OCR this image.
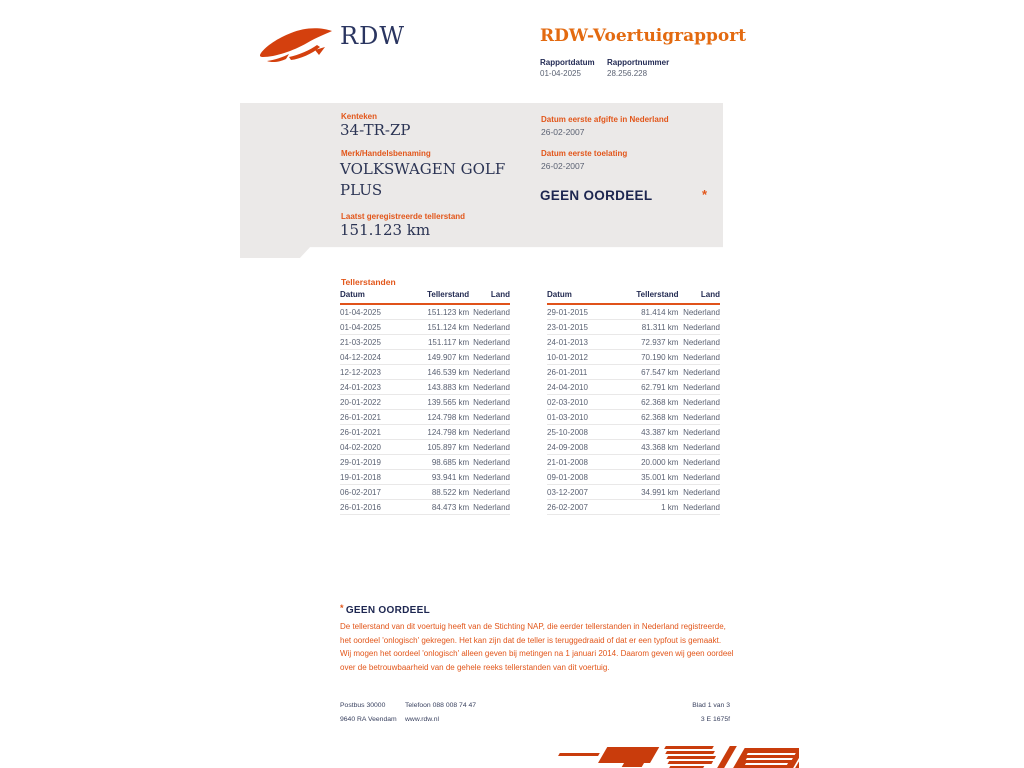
RDW	RDW-Voertuigrapport
Rapportdatum
01-04-2025
Rapportnummer
28.256.228
Kenteken
34-TR-ZP
Merk/Handelsbenaming
VOLKSWAGEN GOLF PLUS
Laatst geregistreerde tellerstand
151.123 km
Datum eerste afgifte in Nederland
26-02-2007
Datum eerste toelating
26-02-2007
GEEN OORDEEL	*
Tellerstanden
Datum	Tellerstand	Land
01-04-2025	151.123 km Nederland
01-04-2025	151.124 km Nederland
21-03-2025	151.117 km Nederland
04-12-2024	149.907 km Nederland
12-12-2023	146.539 km Nederland
24-01-2023	143.883 km Nederland
20-01-2022	139.565 km Nederland
26-01-2021	124.798 km Nederland
26-01-2021	124.798 km Nederland
04-02-2020	105.897 km Nederland
29-01-2019	98.685 km Nederland
19-01-2018	93.941 km Nederland
06-02-2017	88.522 km Nederland
26-01-2016	84.473 km Nederland
Datum	Tellerstand	Land
29-01-2015	81.414 km Nederland
23-01-2015	81.311 km Nederland
24-01-2013	72.937 km Nederland
10-01-2012	70.190 km Nederland
26-01-2011	67.547 km Nederland
24-04-2010	62.791 km Nederland
02-03-2010	62.368 km Nederland
01-03-2010	62.368 km Nederland
25-10-2008	43.387 km Nederland
24-09-2008	43.368 km Nederland
21-01-2008	20.000 km Nederland
09-01-2008	35.001 km Nederland
03-12-2007	34.991 km Nederland
26-02-2007	1 km Nederland
* GEEN OORDEEL
De tellerstand van dit voertuig heeft van de Stichting NAP, die eerder tellerstanden in Nederland registreerde, het oordeel 'onlogisch' gekregen. Het kan zijn dat de teller is teruggedraaid of dat er een typfout is gemaakt. Wij mogen het oordeel 'onlogisch' alleen geven bij metingen na 1 januari 2014. Daarom geven wij geen oordeel over de betrouwbaarheid van de gehele reeks tellerstanden van dit voertuig.
Postbus 30000	Telefoon 088 008 74 47	Blad 1 van 3
9640 RA Veendam	www.rdw.nl	3 E 1675f
